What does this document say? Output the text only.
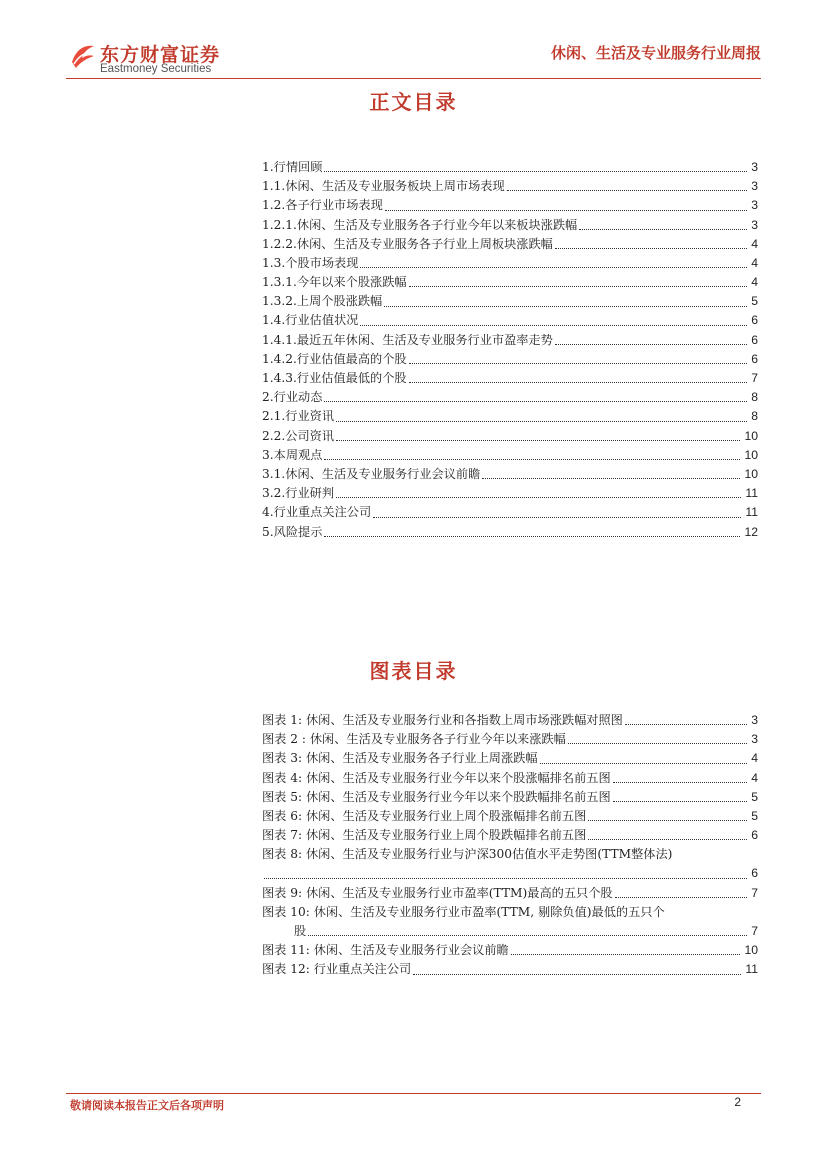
东方财富证券
Eastmoney Securities
休闲、生活及专业服务行业周报
正文目录
1.行情回顾	3
1.1.休闲、生活及专业服务板块上周市场表现	3
1.2.各子行业市场表现	3
1.2.1.休闲、生活及专业服务各子行业今年以来板块涨跌幅	3
1.2.2.休闲、生活及专业服务各子行业上周板块涨跌幅	4
1.3.个股市场表现	4
1.3.1.今年以来个股涨跌幅	4
1.3.2.上周个股涨跌幅	5
1.4.行业估值状况	6
1.4.1.最近五年休闲、生活及专业服务行业市盈率走势	6
1.4.2.行业估值最高的个股	6
1.4.3.行业估值最低的个股	7
2.行业动态	8
2.1.行业资讯	8
2.2.公司资讯	10
3.本周观点	10
3.1.休闲、生活及专业服务行业会议前瞻	10
3.2.行业研判	11
4.行业重点关注公司	11
5.风险提示	12
图表目录
图表 1: 休闲、生活及专业服务行业和各指数上周市场涨跌幅对照图	3
图表 2 : 休闲、生活及专业服务各子行业今年以来涨跌幅	3
图表 3: 休闲、生活及专业服务各子行业上周涨跌幅	4
图表 4: 休闲、生活及专业服务行业今年以来个股涨幅排名前五图	4
图表 5: 休闲、生活及专业服务行业今年以来个股跌幅排名前五图	5
图表 6: 休闲、生活及专业服务行业上周个股涨幅排名前五图	5
图表 7: 休闲、生活及专业服务行业上周个股跌幅排名前五图	6
图表 8: 休闲、生活及专业服务行业与沪深300估值水平走势图(TTM整体法)
6
图表 9: 休闲、生活及专业服务行业市盈率(TTM)最高的五只个股	7
图表 10: 休闲、生活及专业服务行业市盈率(TTM, 剔除负值)最低的五只个
股	7
图表 11: 休闲、生活及专业服务行业会议前瞻	10
图表 12: 行业重点关注公司	11
敬请阅读本报告正文后各项声明	2
